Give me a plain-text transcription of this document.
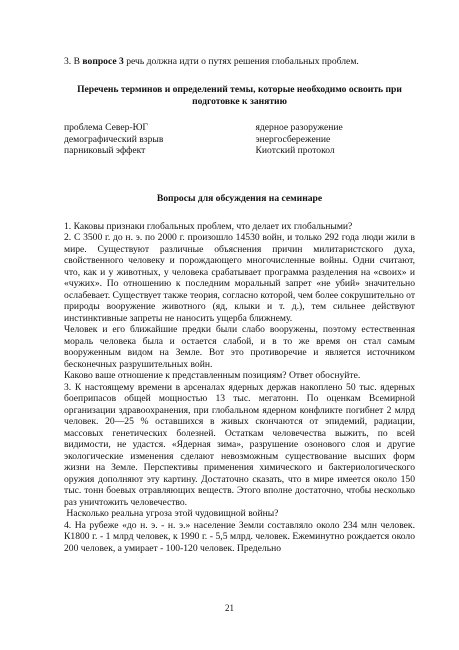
3. В вопросе 3 речь должна идти о путях решения глобальных проблем.
Перечень терминов и определений темы, которые необходимо освоить при подготовке к занятию
проблема Север-ЮГ
демографический взрыв
парниковый эффект
ядерное разоружение
энергосбережение
Киотский протокол
Вопросы для обсуждения на семинаре

1. Каковы признаки глобальных проблем, что делает их глобальными?

2. С 3500 г. до н. э. по 2000 г. произошло 14530 войн, и только 292 года люди жили в мире. Существуют различные объяснения причин милитаристского духа, свойственного человеку и порождающего многочисленные войны. Одни считают, что, как и у животных, у человека срабатывает программа разделения на «своих» и «чужих». По отношению к последним моральный запрет «не убий» значительно ослабевает. Существует также теория, согласно которой, чем более сокрушительно от природы вооружение животного (яд, клыки и т. д.), тем сильнее действуют инстинктивные запреты не наносить ущерба ближнему.

Человек и его ближайшие предки были слабо вооружены, поэтому естественная мораль человека была и остается слабой, и в то же время он стал самым вооруженным видом на Земле. Вот это противоречие и является источником бесконечных разрушительных войн.

Каково ваше отношение к представленным позициям? Ответ обоснуйте.

3. К настоящему времени в арсеналах ядерных держав накоплено 50 тыс. ядерных боеприпасов общей мощностью 13 тыс. мегатонн. По оценкам Всемирной организации здравоохранения, при глобальном ядерном конфликте погибнет 2 млрд человек. 20—25 % оставшихся в живых скончаются от эпидемий, радиации, массовых генетических болезней. Остаткам человечества выжить, по всей видимости, не удастся. «Ядерная зима», разрушение озонового слоя и другие экологические изменения сделают невозможным существование высших форм жизни на Земле. Перспективы применения химического и бактериологического оружия дополняют эту картину. Достаточно сказать, что в мире имеется около 150 тыс. тонн боевых отравляющих веществ. Этого вполне достаточно, чтобы несколько раз уничтожить человечество.

Насколько реальна угроза этой чудовищной войны?

4. На рубеже «до н. э. - н. э.» население Земли составляло около 234 млн человек. К1800 г. - 1 млрд человек, к 1990 г. - 5,5 млрд. человек. Ежеминутно рождается около 200 человек, а умирает - 100-120 человек. Предельно

21
